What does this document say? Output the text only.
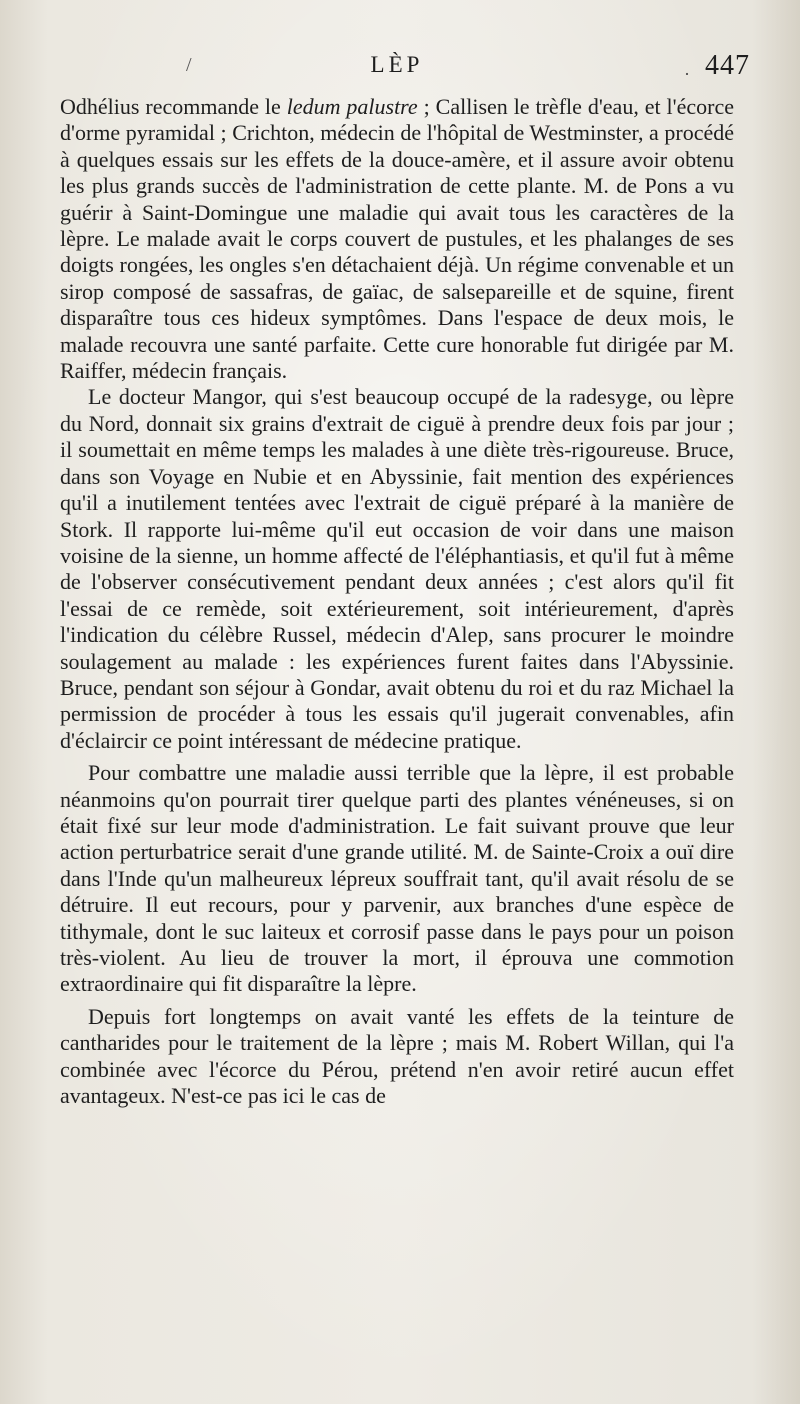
/	LÈP	· 447

Odhélius recommande le ledum palustre ; Callisen le trèfle d'eau, et l'écorce d'orme pyramidal ; Crichton, médecin de l'hôpital de Westminster, a procédé à quelques essais sur les effets de la douce-amère, et il assure avoir obtenu les plus grands succès de l'administration de cette plante. M. de Pons a vu guérir à Saint-Domingue une maladie qui avait tous les caractères de la lèpre. Le malade avait le corps couvert de pustules, et les phalanges de ses doigts rongées, les ongles s'en détachaient déjà. Un régime convenable et un sirop composé de sassafras, de gaïac, de salsepareille et de squine, firent disparaître tous ces hideux symptômes. Dans l'espace de deux mois, le malade recouvra une santé parfaite. Cette cure honorable fut dirigée par M. Raiffer, médecin français.

Le docteur Mangor, qui s'est beaucoup occupé de la radesyge, ou lèpre du Nord, donnait six grains d'extrait de ciguë à prendre deux fois par jour ; il soumettait en même temps les malades à une diète très-rigoureuse. Bruce, dans son Voyage en Nubie et en Abyssinie, fait mention des expériences qu'il a inutilement tentées avec l'extrait de ciguë préparé à la manière de Stork. Il rapporte lui-même qu'il eut occasion de voir dans une maison voisine de la sienne, un homme affecté de l'éléphantiasis, et qu'il fut à même de l'observer consécutivement pendant deux années ; c'est alors qu'il fit l'essai de ce remède, soit extérieurement, soit intérieurement, d'après l'indication du célèbre Russel, médecin d'Alep, sans procurer le moindre soulagement au malade : les expériences furent faites dans l'Abyssinie. Bruce, pendant son séjour à Gondar, avait obtenu du roi et du raz Michael la permission de procéder à tous les essais qu'il jugerait convenables, afin d'éclaircir ce point intéressant de médecine pratique.

Pour combattre une maladie aussi terrible que la lèpre, il est probable néanmoins qu'on pourrait tirer quelque parti des plantes vénéneuses, si on était fixé sur leur mode d'administration. Le fait suivant prouve que leur action perturbatrice serait d'une grande utilité. M. de Sainte-Croix a ouï dire dans l'Inde qu'un malheureux lépreux souffrait tant, qu'il avait résolu de se détruire. Il eut recours, pour y parvenir, aux branches d'une espèce de tithymale, dont le suc laiteux et corrosif passe dans le pays pour un poison très-violent. Au lieu de trouver la mort, il éprouva une commotion extraordinaire qui fit disparaître la lèpre.

Depuis fort longtemps on avait vanté les effets de la teinture de cantharides pour le traitement de la lèpre ; mais M. Robert Willan, qui l'a combinée avec l'écorce du Pérou, prétend n'en avoir retiré aucun effet avantageux. N'est-ce pas ici le cas de
